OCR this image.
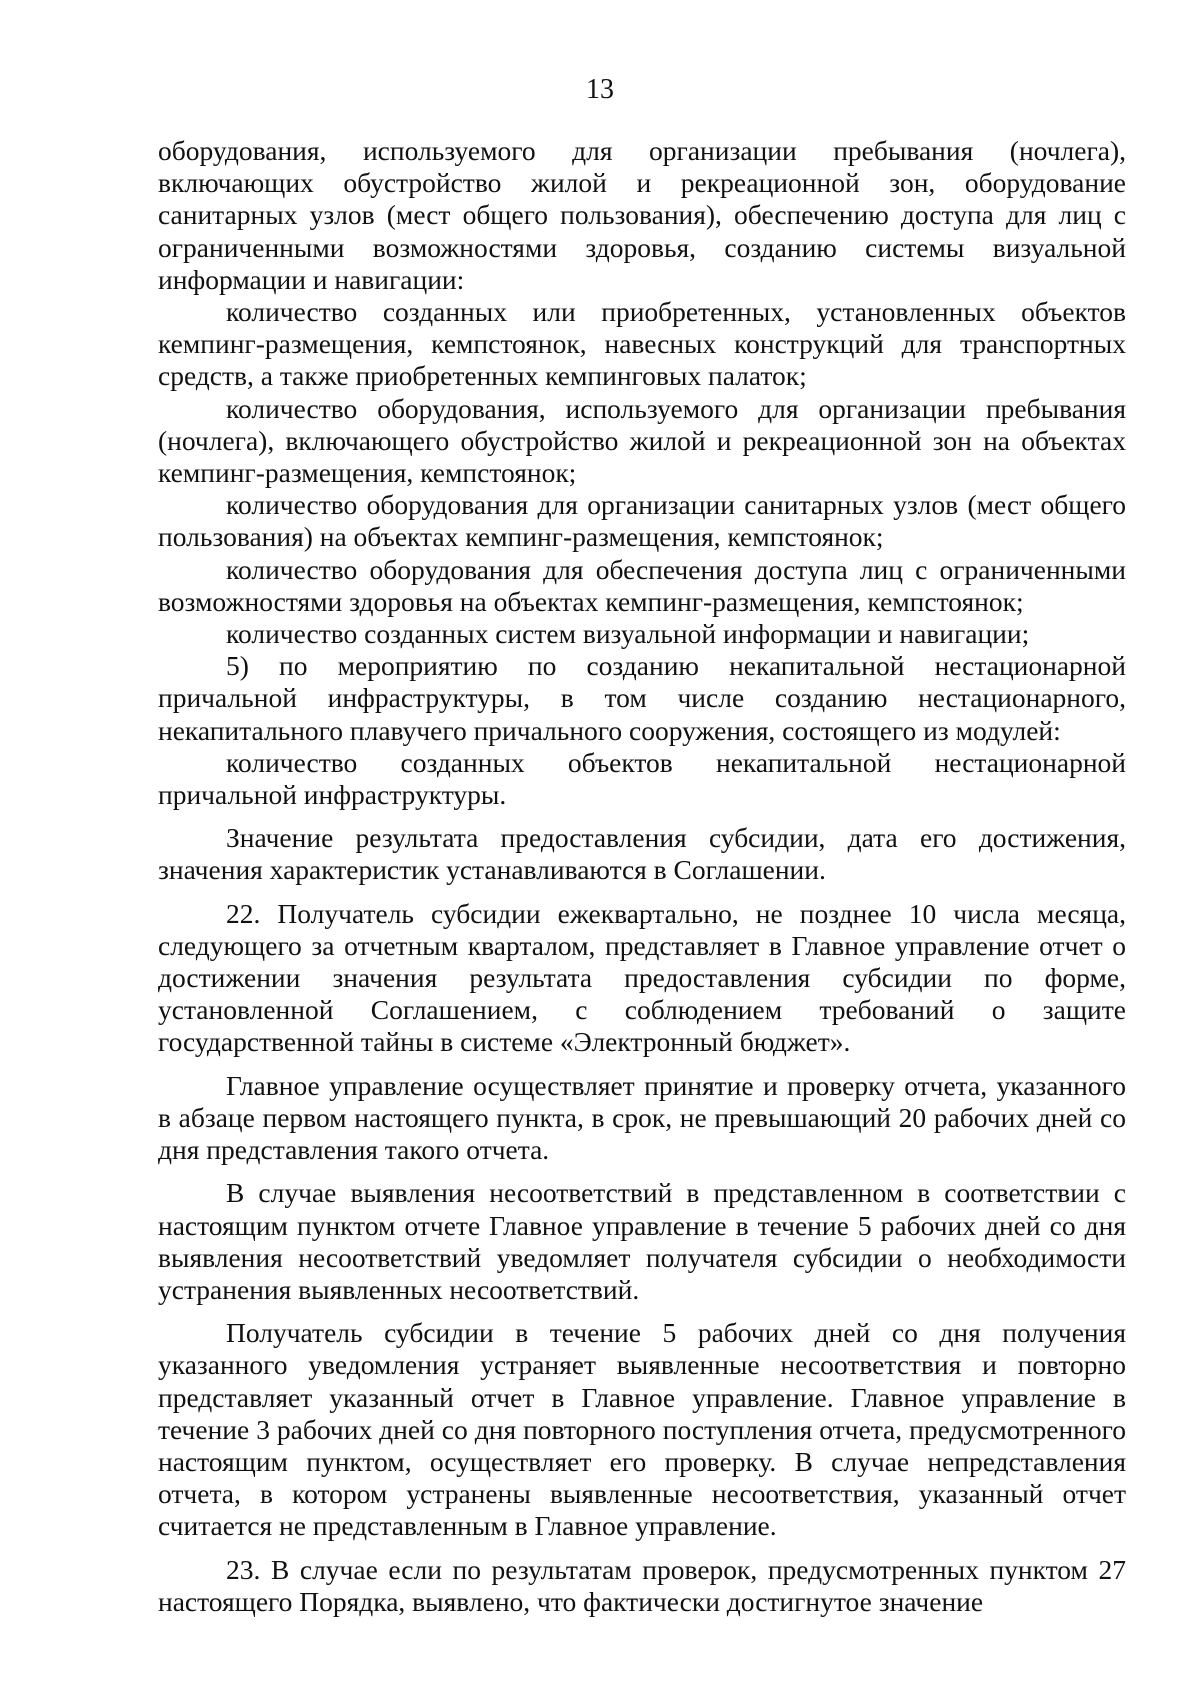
13

оборудования, используемого для организации пребывания (ночлега), включающих обустройство жилой и рекреационной зон, оборудование санитарных узлов (мест общего пользования), обеспечению доступа для лиц с ограниченными возможностями здоровья, созданию системы визуальной информации и навигации:

количество созданных или приобретенных, установленных объектов кемпинг-размещения, кемпстоянок, навесных конструкций для транспортных средств, а также приобретенных кемпинговых палаток;

количество оборудования, используемого для организации пребывания (ночлега), включающего обустройство жилой и рекреационной зон на объектах кемпинг-размещения, кемпстоянок;

количество оборудования для организации санитарных узлов (мест общего пользования) на объектах кемпинг-размещения, кемпстоянок;

количество оборудования для обеспечения доступа лиц с ограниченными возможностями здоровья на объектах кемпинг-размещения, кемпстоянок;

количество созданных систем визуальной информации и навигации;

5) по мероприятию по созданию некапитальной нестационарной причальной инфраструктуры, в том числе созданию нестационарного, некапитального плавучего причального сооружения, состоящего из модулей:

количество созданных объектов некапитальной нестационарной причальной инфраструктуры.

Значение результата предоставления субсидии, дата его достижения, значения характеристик устанавливаются в Соглашении.

22. Получатель субсидии ежеквартально, не позднее 10 числа месяца, следующего за отчетным кварталом, представляет в Главное управление отчет о достижении значения результата предоставления субсидии по форме, установленной Соглашением, с соблюдением требований о защите государственной тайны в системе «Электронный бюджет».

Главное управление осуществляет принятие и проверку отчета, указанного в абзаце первом настоящего пункта, в срок, не превышающий 20 рабочих дней со дня представления такого отчета.

В случае выявления несоответствий в представленном в соответствии с настоящим пунктом отчете Главное управление в течение 5 рабочих дней со дня выявления несоответствий уведомляет получателя субсидии о необходимости устранения выявленных несоответствий.

Получатель субсидии в течение 5 рабочих дней со дня получения указанного уведомления устраняет выявленные несоответствия и повторно представляет указанный отчет в Главное управление. Главное управление в течение 3 рабочих дней со дня повторного поступления отчета, предусмотренного настоящим пунктом, осуществляет его проверку. В случае непредставления отчета, в котором устранены выявленные несоответствия, указанный отчет считается не представленным в Главное управление.

23. В случае если по результатам проверок, предусмотренных пунктом 27 настоящего Порядка, выявлено, что фактически достигнутое значение
